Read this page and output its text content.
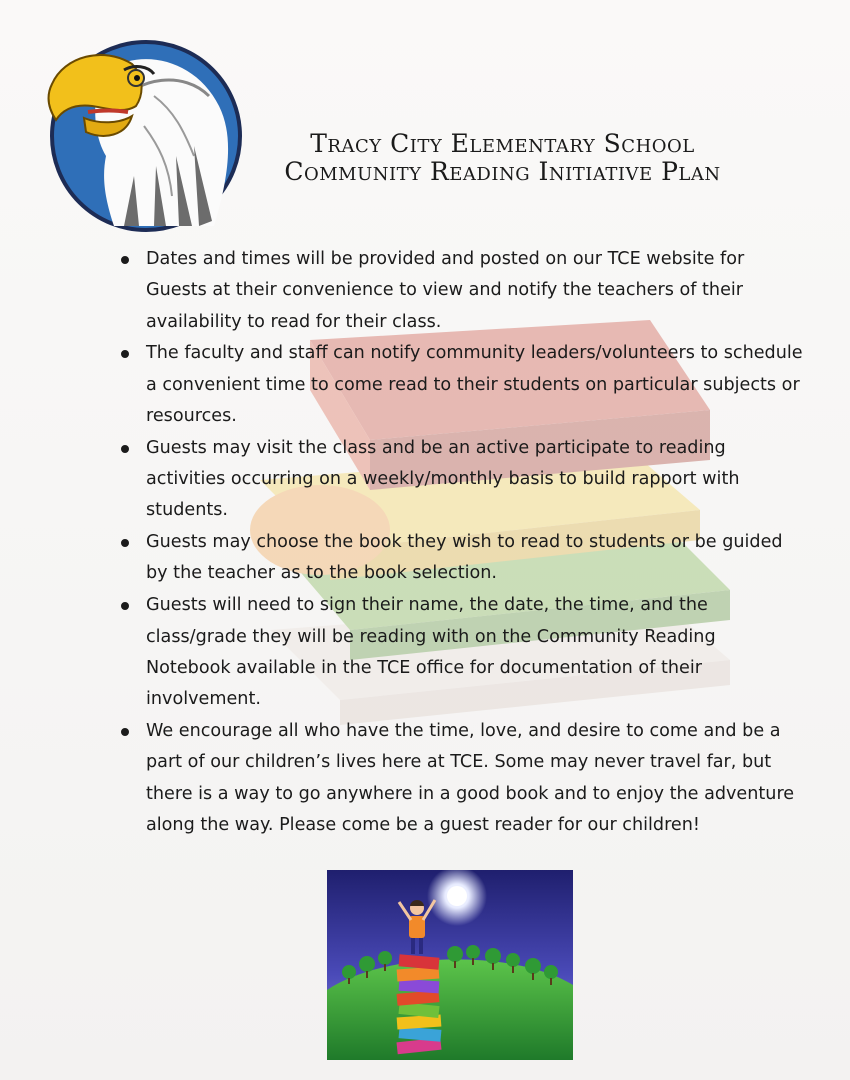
Tracy City Elementary School
Community Reading Initiative Plan
Dates and times will be provided and posted on our TCE website for Guests at their convenience to view and notify the teachers of their availability to read for their class.
The faculty and staff can notify community leaders/volunteers to schedule a convenient time to come read to their students on particular subjects or resources.
Guests may visit the class and be an active participate to reading activities occurring on a weekly/monthly basis to build rapport with students.
Guests may choose the book they wish to read to students or be guided by the teacher as to the book selection.
Guests will need to sign their name, the date, the time, and the class/grade they will be reading with on the Community Reading Notebook available in the TCE office for documentation of their involvement.
We encourage all who have the time, love, and desire to come and be a part of our children’s lives here at TCE. Some may never travel far, but there is a way to go anywhere in a good book and to enjoy the adventure along the way. Please come be a guest reader for our children!
